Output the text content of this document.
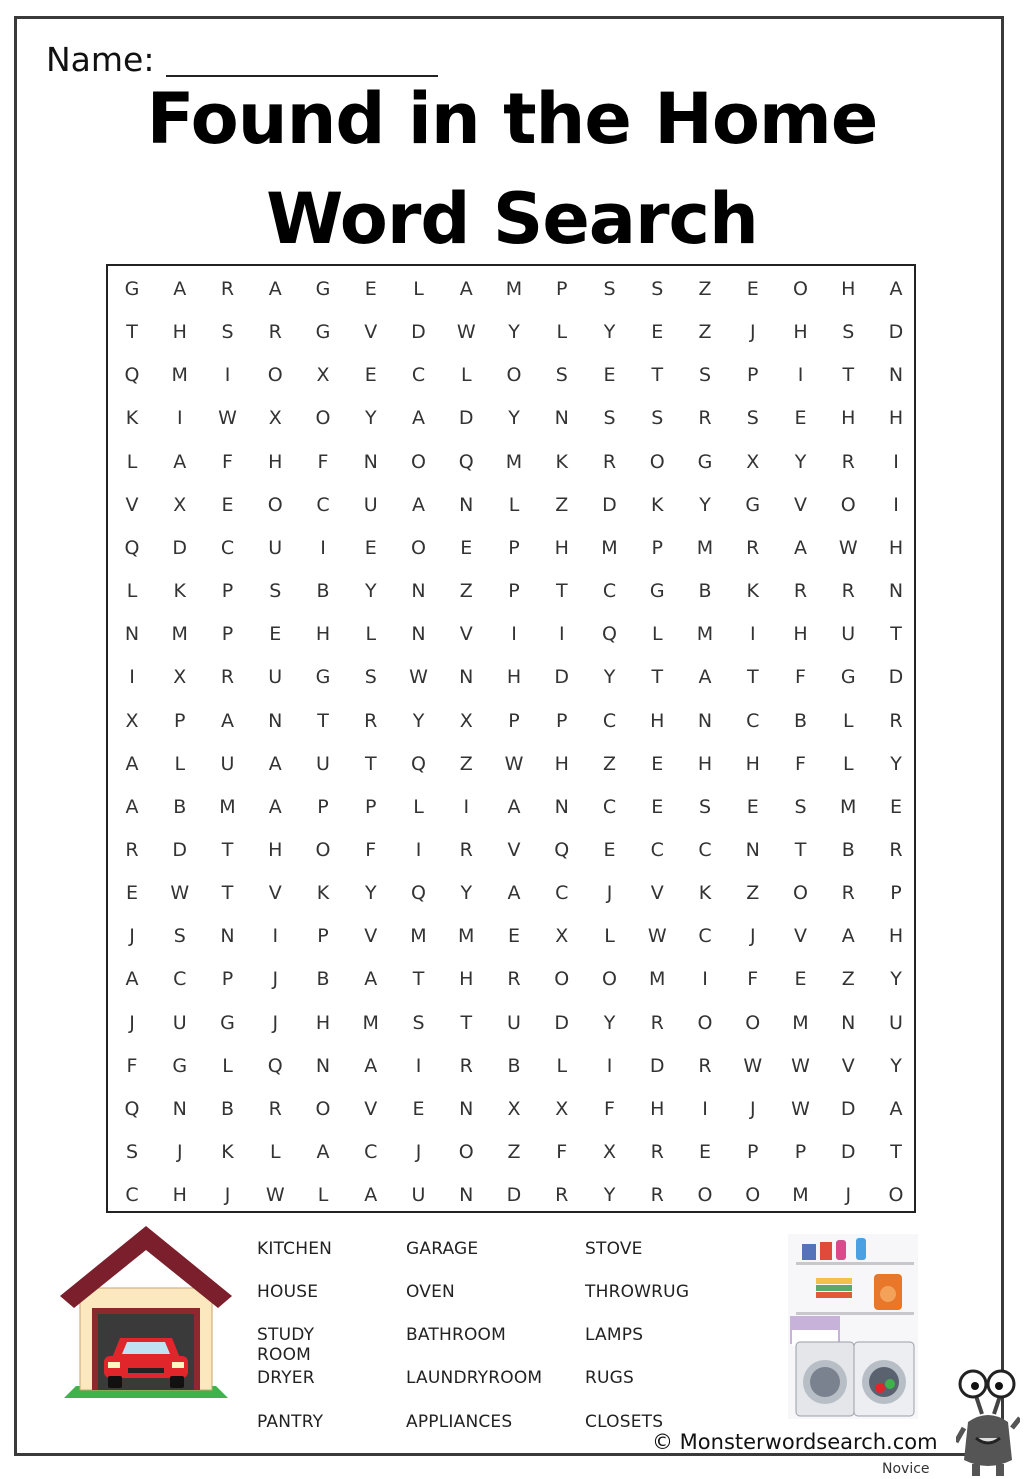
Name:
Found in the Home
Word Search
G	A	R	A	G	E	L	A	M	P	S	S	Z	E	O	H	A
T	H	S	R	G	V	D	W	Y	L	Y	E	Z	J	H	S	D
Q	M	I	O	X	E	C	L	O	S	E	T	S	P	I	T	N
K	I	W	X	O	Y	A	D	Y	N	S	S	R	S	E	H	H
L	A	F	H	F	N	O	Q	M	K	R	O	G	X	Y	R	I
V	X	E	O	C	U	A	N	L	Z	D	K	Y	G	V	O	I
Q	D	C	U	I	E	O	E	P	H	M	P	M	R	A	W	H
L	K	P	S	B	Y	N	Z	P	T	C	G	B	K	R	R	N
N	M	P	E	H	L	N	V	I	I	Q	L	M	I	H	U	T
I	X	R	U	G	S	W	N	H	D	Y	T	A	T	F	G	D
X	P	A	N	T	R	Y	X	P	P	C	H	N	C	B	L	R
A	L	U	A	U	T	Q	Z	W	H	Z	E	H	H	F	L	Y
A	B	M	A	P	P	L	I	A	N	C	E	S	E	S	M	E
R	D	T	H	O	F	I	R	V	Q	E	C	C	N	T	B	R
E	W	T	V	K	Y	Q	Y	A	C	J	V	K	Z	O	R	P
J	S	N	I	P	V	M	M	E	X	L	W	C	J	V	A	H
A	C	P	J	B	A	T	H	R	O	O	M	I	F	E	Z	Y
J	U	G	J	H	M	S	T	U	D	Y	R	O	O	M	N	U
F	G	L	Q	N	A	I	R	B	L	I	D	R	W	W	V	Y
Q	N	B	R	O	V	E	N	X	X	F	H	I	J	W	D	A
S	J	K	L	A	C	J	O	Z	F	X	R	E	P	P	D	T
C	H	J	W	L	A	U	N	D	R	Y	R	O	O	M	J	O
KITCHEN
HOUSE
STUDY ROOM
DRYER
PANTRY
GARAGE
OVEN
BATHROOM
LAUNDRYROOM
APPLIANCES
STOVE
THROWRUG
LAMPS
RUGS
CLOSETS
© Monsterwordsearch.com
Novice
